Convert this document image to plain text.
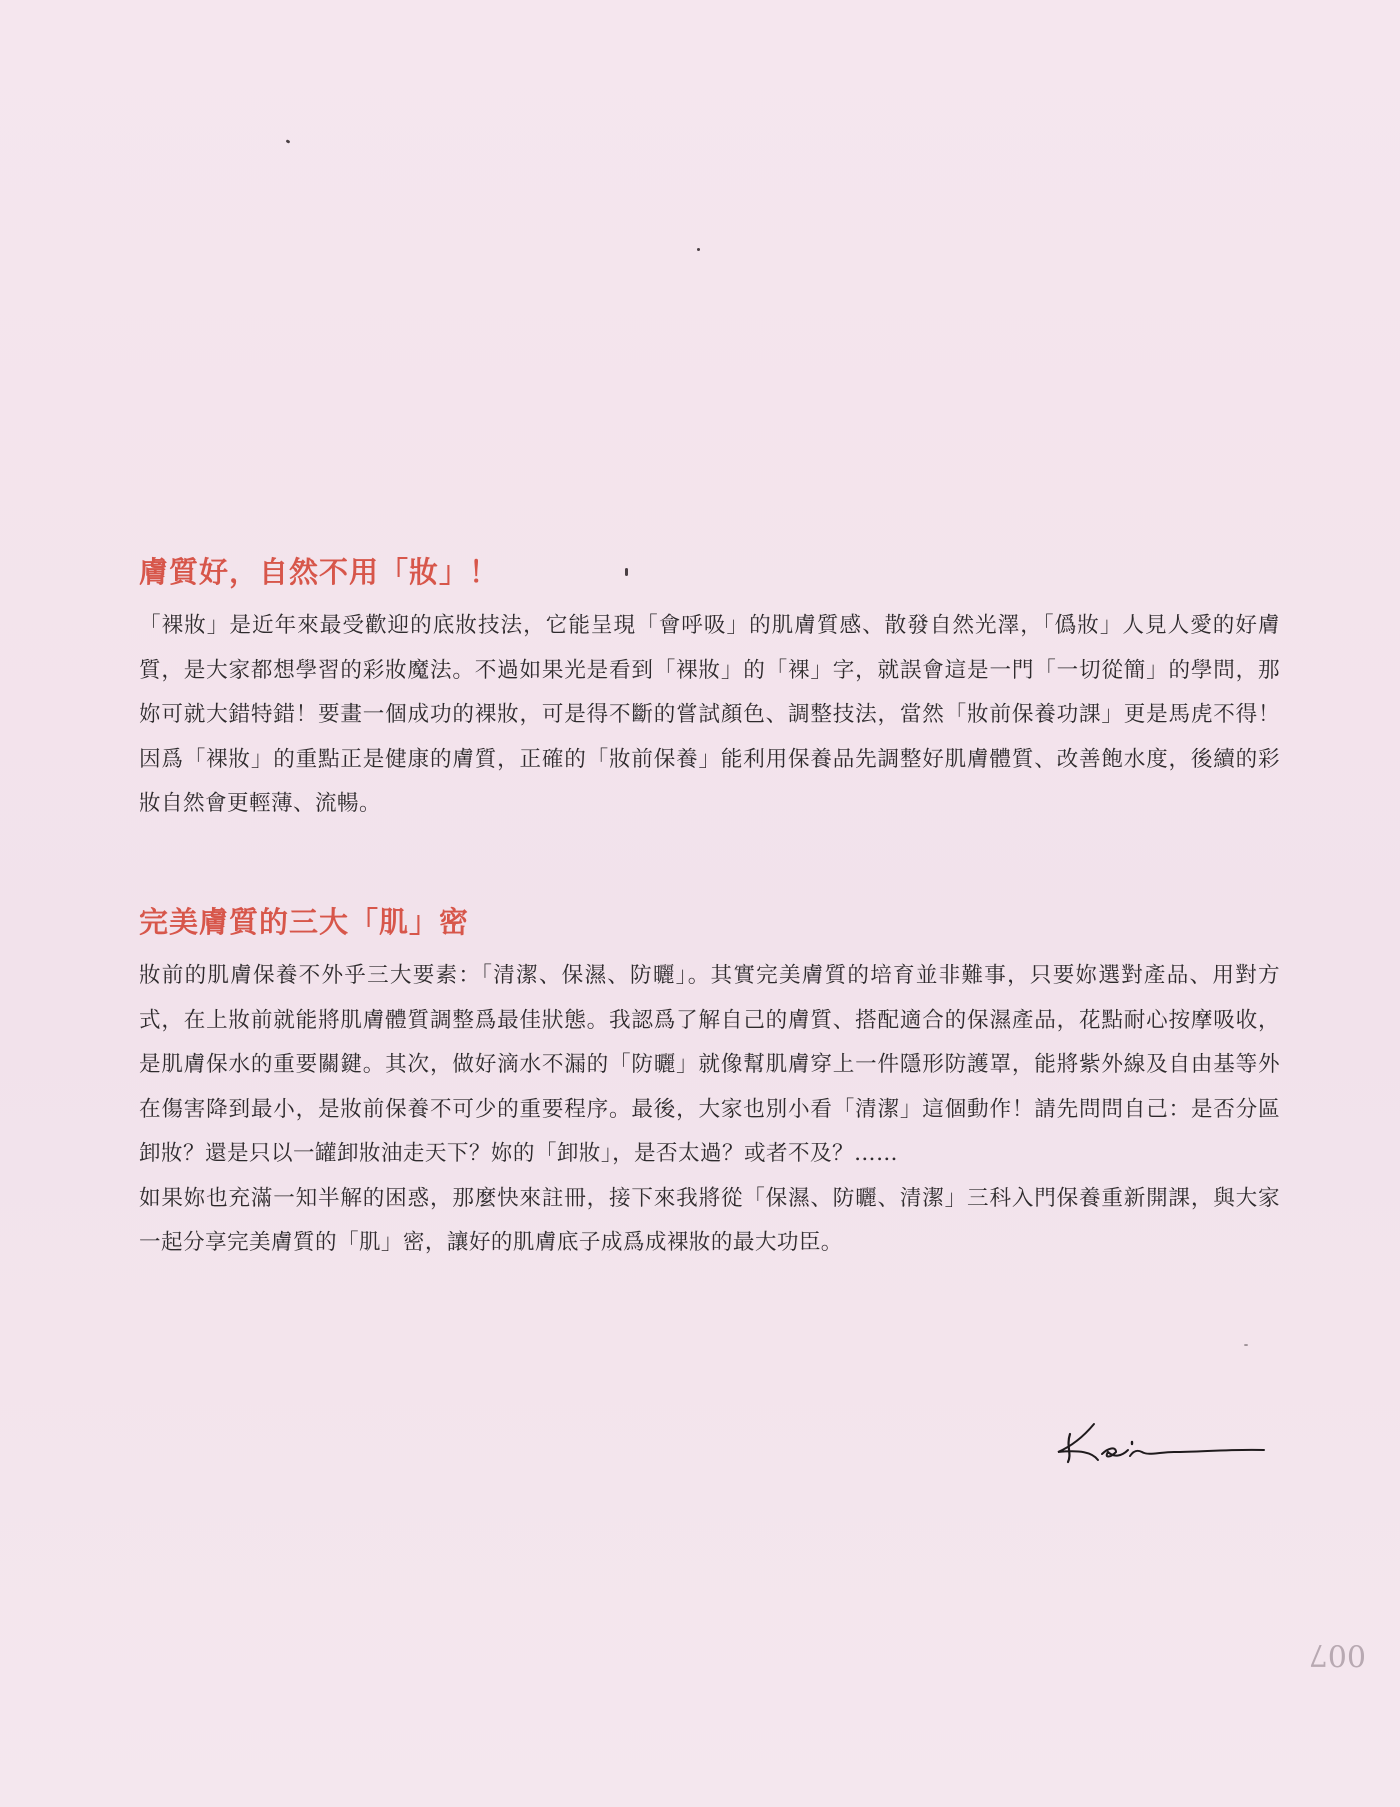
膚質好，自然不用「妝」！

「裸妝」是近年來最受歡迎的底妝技法，它能呈現「會呼吸」的肌膚質感、散發自然光澤，「僞妝」人見人愛的好膚質，是大家都想學習的彩妝魔法。不過如果光是看到「裸妝」的「裸」字，就誤會這是一門「一切從簡」的學問，那妳可就大錯特錯！要畫一個成功的裸妝，可是得不斷的嘗試顏色、調整技法，當然「妝前保養功課」更是馬虎不得！因爲「裸妝」的重點正是健康的膚質，正確的「妝前保養」能利用保養品先調整好肌膚體質、改善飽水度，後續的彩妝自然會更輕薄、流暢。

完美膚質的三大「肌」密

妝前的肌膚保養不外乎三大要素：「清潔、保濕、防曬」。其實完美膚質的培育並非難事，只要妳選對產品、用對方式，在上妝前就能將肌膚體質調整爲最佳狀態。我認爲了解自己的膚質、搭配適合的保濕產品，花點耐心按摩吸收，是肌膚保水的重要關鍵。其次，做好滴水不漏的「防曬」就像幫肌膚穿上一件隱形防護罩，能將紫外線及自由基等外在傷害降到最小，是妝前保養不可少的重要程序。最後，大家也別小看「清潔」這個動作！請先問問自己：是否分區卸妝？還是只以一罐卸妝油走天下？妳的「卸妝」，是否太過？或者不及？……

如果妳也充滿一知半解的困惑，那麼快來註冊，接下來我將從「保濕、防曬、清潔」三科入門保養重新開課，與大家一起分享完美膚質的「肌」密，讓好的肌膚底子成爲成裸妝的最大功臣。

007
